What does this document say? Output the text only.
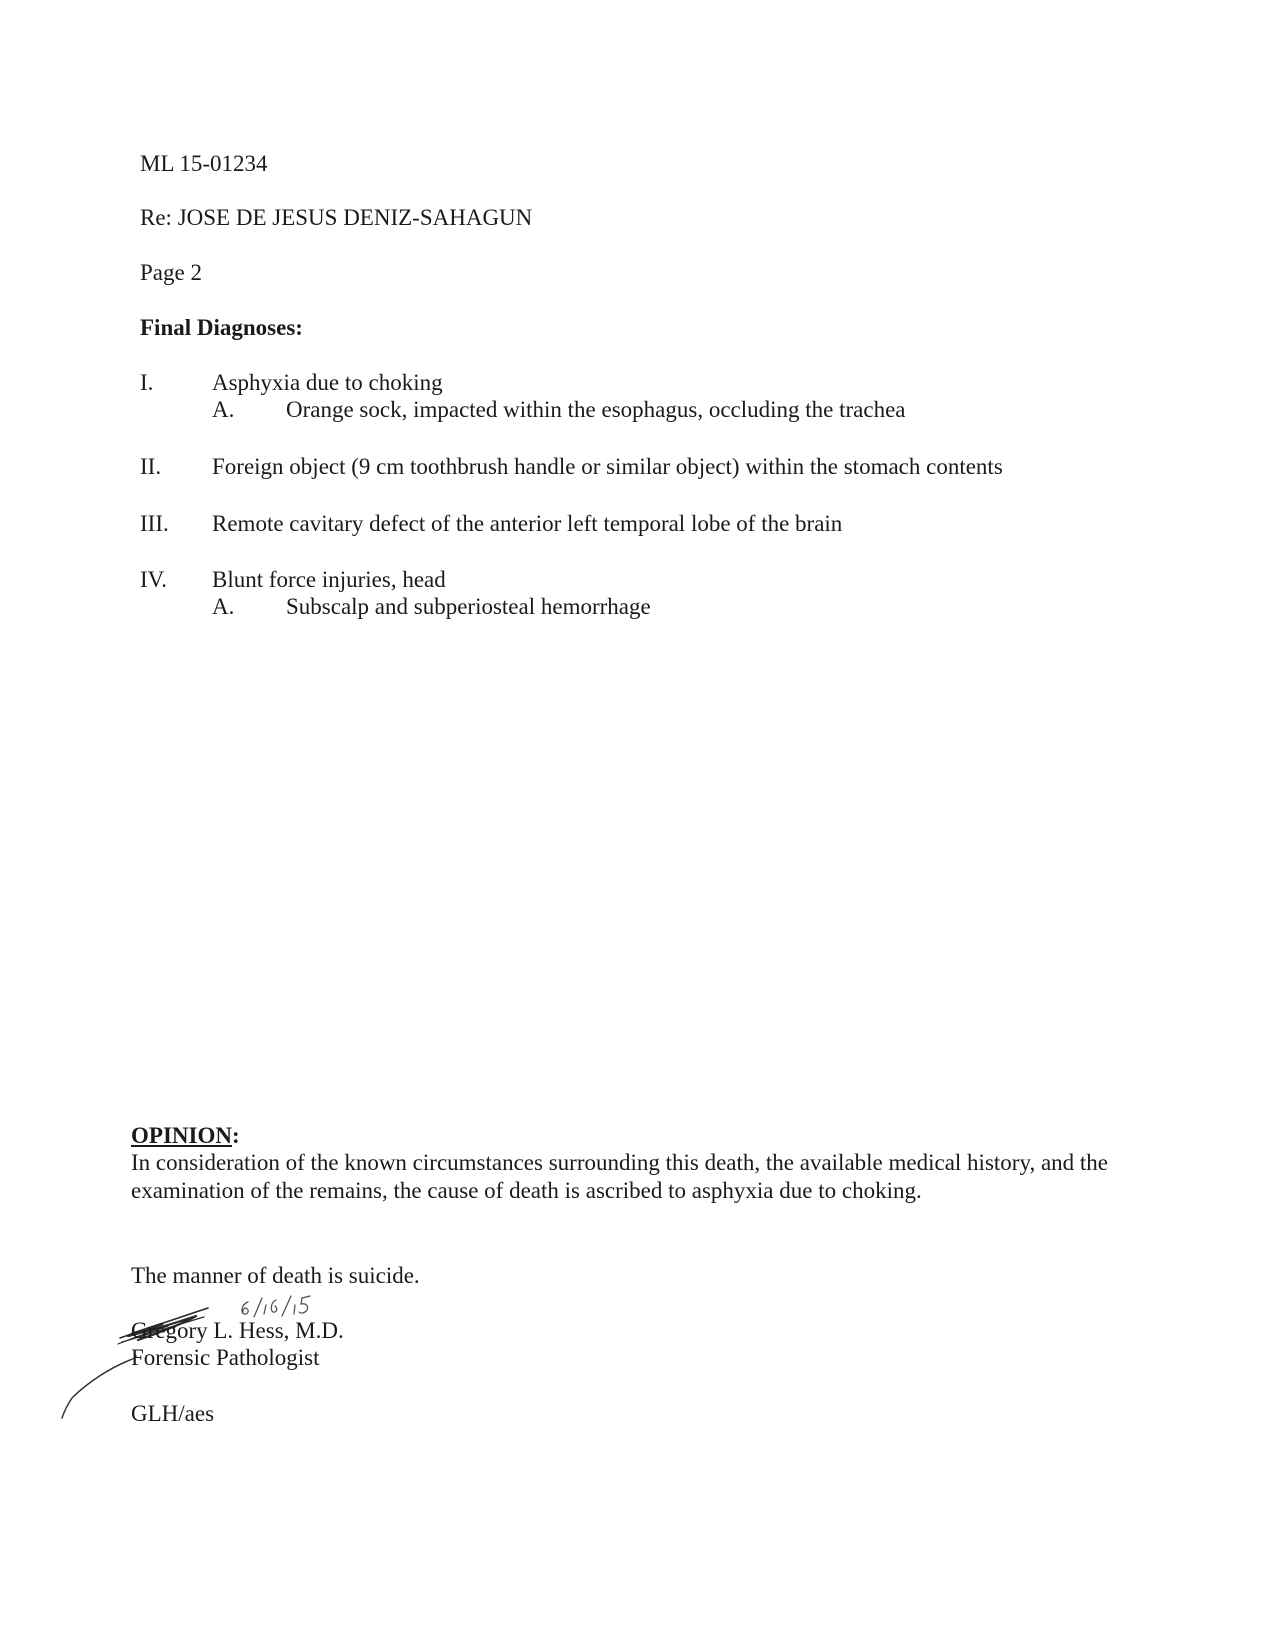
ML 15-01234
Re: JOSE DE JESUS DENIZ-SAHAGUN
Page 2
Final Diagnoses:
I.	Asphyxia due to choking
A. Orange sock, impacted within the esophagus, occluding the trachea
II. Foreign object (9 cm toothbrush handle or similar object) within the stomach contents
III. Remote cavitary defect of the anterior left temporal lobe of the brain
IV. Blunt force injuries, head
A. Subscalp and subperiosteal hemorrhage
OPINION:
In consideration of the known circumstances surrounding this death, the available medical history, and the examination of the remains, the cause of death is ascribed to asphyxia due to choking.
The manner of death is suicide.
Gregory L. Hess, M.D.
Forensic Pathologist
GLH/aes
